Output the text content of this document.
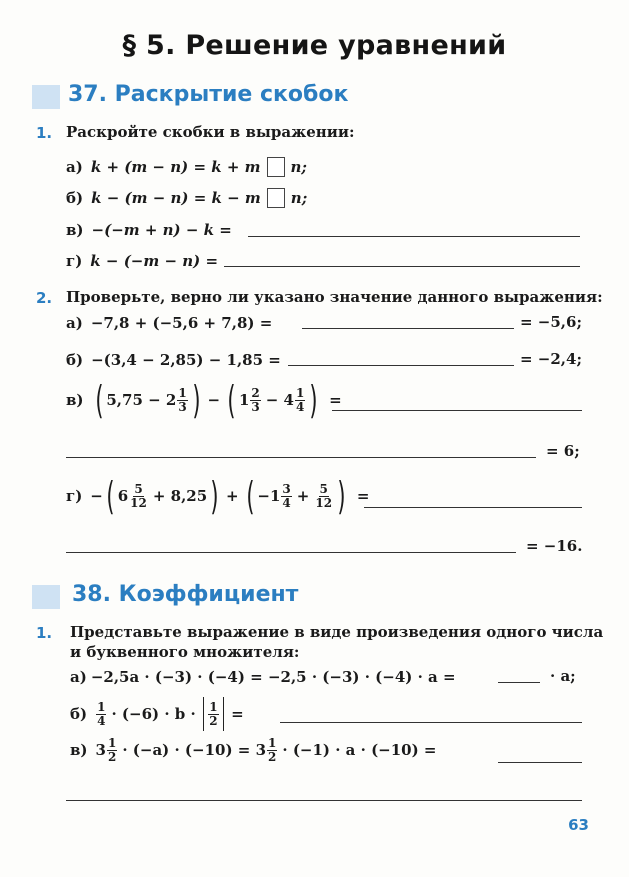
§ 5. Решение уравнений
37. Раскрытие скобок
1. Раскройте скобки в выражении:
а) k + (m − n) = k + m n;
б) k − (m − n) = k − m n;
в) −(−m + n) − k =
г) k − (−m − n) =
2. Проверьте, верно ли указано значение данного выражения:
а) −7,8 + (−5,6 + 7,8) =	= −5,6;
б) −(3,4 − 2,85) − 1,85 =	= −2,4;
в) ( $5,75 - 2 \frac{1}{3}$ ) − ( $1 \frac{2}{3} - 4 \frac{1}{4}$ ) =
= 6;
г) − ( $6 \frac{5}{12} + 8,25$ ) + ( $-1 \frac{3}{4} + \frac{5}{12}$ ) =
= −16.
38. Коэффициент
1. Представьте выражение в виде произведения одного числа
и буквенного множителя:
а) −2,5a · (−3) · (−4) = −2,5 · (−3) · (−4) · a =	· a;
$б) \frac{1}{4} \cdot (-6) \cdot b \cdot \frac{1}{2}$ =
в) $3 \frac{1}{2} \cdot (-a) \cdot (-10) = 3 \frac{1}{2} \cdot (-1) \cdot a \cdot (-10)$ =
63
